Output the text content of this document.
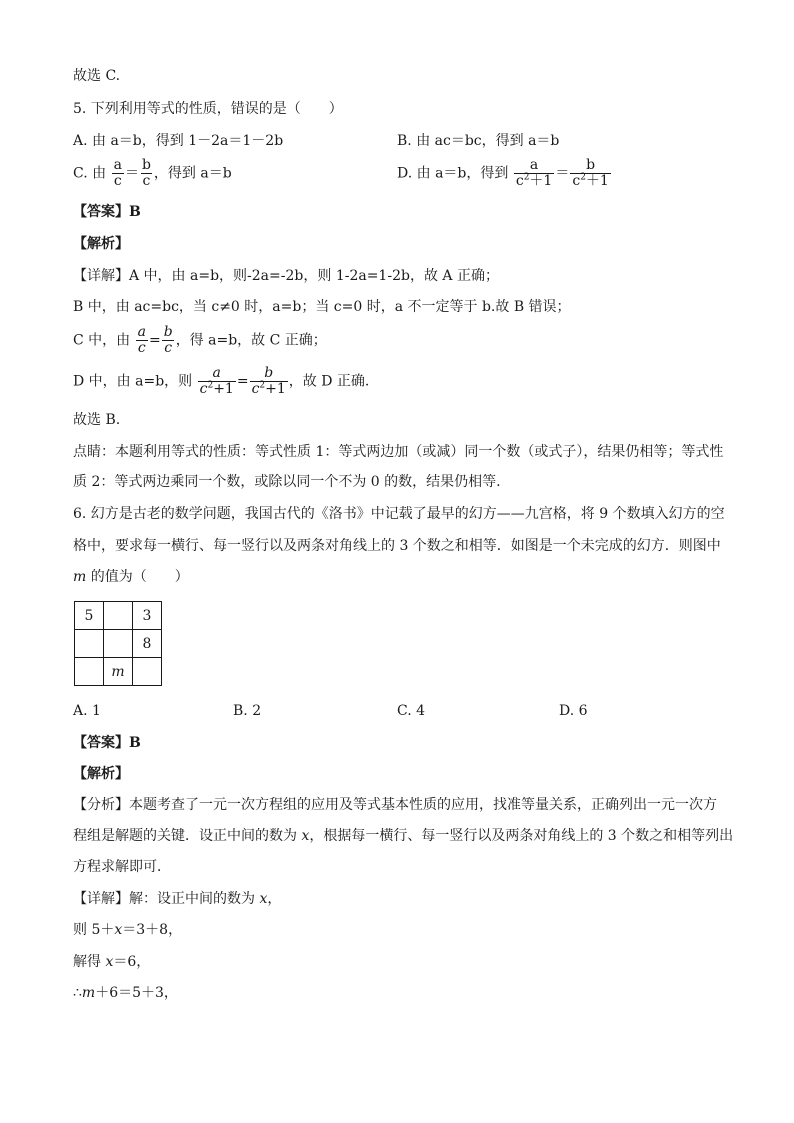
故选 C.
5. 下列利用等式的性质，错误的是（　　）
A. 由 a＝b，得到 1－2a＝1－2b	B. 由 ac＝bc，得到 a＝b
C. 由 $\frac{a}{c} = \frac{b}{c}$ ，得到 a＝b	D. 由 a＝b，得到 $\frac{a}{c^2+1} = \frac{b}{c^2+1}$
【答案】B
【解析】
【详解】A 中，由 a=b，则-2a=-2b，则 1-2a=1-2b，故 A 正确；
B 中，由 ac=bc，当 c≠0 时，a=b；当 c=0 时，a 不一定等于 b.故 B 错误；
C 中，由 $\frac{a}{c} = \frac{b}{c}$ ，得 a=b，故 C 正确；
D 中，由 a=b，则 $\frac{a}{c^2+1} = \frac{b}{c^2+1}$ ，故 D 正确.
故选 B.
点睛：本题利用等式的性质：等式性质 1：等式两边加（或减）同一个数（或式子），结果仍相等；等式性
质 2：等式两边乘同一个数，或除以同一个不为 0 的数，结果仍相等.
6. 幻方是古老的数学问题，我国古代的《洛书》中记载了最早的幻方——九宫格，将 9 个数填入幻方的空
格中，要求每一横行、每一竖行以及两条对角线上的 3 个数之和相等．如图是一个未完成的幻方．则图中
m 的值为（　　）
5		3
		8
	m	
A. 1	B. 2	C. 4	D. 6
【答案】B
【解析】
【分析】本题考查了一元一次方程组的应用及等式基本性质的应用，找准等量关系，正确列出一元一次方
程组是解题的关键．设正中间的数为 x，根据每一横行、每一竖行以及两条对角线上的 3 个数之和相等列出
方程求解即可．
【详解】解：设正中间的数为 x，
则 5＋x＝3＋8，
解得 x＝6，
∴m＋6＝5＋3，
